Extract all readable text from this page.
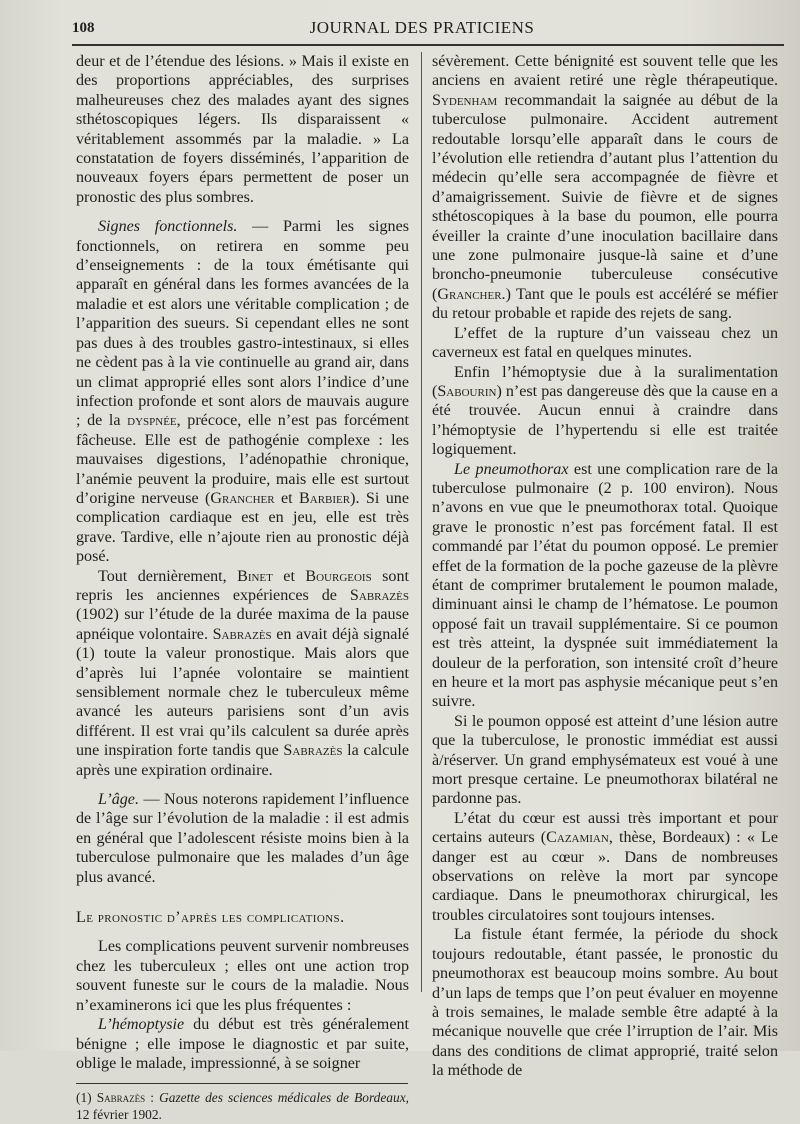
108	JOURNAL DES PRATICIENS

deur et de l’étendue des lésions. » Mais il existe en des proportions appréciables, des surprises malheureuses chez des malades ayant des signes sthétoscopiques légers. Ils disparaissent « véritablement assommés par la maladie. » La constatation de foyers disséminés, l’apparition de nouveaux foyers épars permettent de poser un pronostic des plus sombres.

Signes fonctionnels. — Parmi les signes fonctionnels, on retirera en somme peu d’enseignements : de la toux émétisante qui apparaît en général dans les formes avancées de la maladie et est alors une véritable complication ; de l’apparition des sueurs. Si cependant elles ne sont pas dues à des troubles gastro-intestinaux, si elles ne cèdent pas à la vie continuelle au grand air, dans un climat approprié elles sont alors l’indice d’une infection profonde et sont alors de mauvais augure ; de la dyspnée, précoce, elle n’est pas forcément fâcheuse. Elle est de pathogénie complexe : les mauvaises digestions, l’adénopathie chronique, l’anémie peuvent la produire, mais elle est surtout d’origine nerveuse (Grancher et Barbier). Si une complication cardiaque est en jeu, elle est très grave. Tardive, elle n’ajoute rien au pronostic déjà posé.

Tout dernièrement, Binet et Bourgeois sont repris les anciennes expériences de Sabrazès (1902) sur l’étude de la durée maxima de la pause apnéique volontaire. Sabrazès en avait déjà signalé (1) toute la valeur pronostique. Mais alors que d’après lui l’apnée volontaire se maintient sensiblement normale chez le tuberculeux même avancé les auteurs parisiens sont d’un avis différent. Il est vrai qu’ils calculent sa durée après une inspiration forte tandis que Sabrazès la calcule après une expiration ordinaire.

L’âge. — Nous noterons rapidement l’influence de l’âge sur l’évolution de la maladie : il est admis en général que l’adolescent résiste moins bien à la tuberculose pulmonaire que les malades d’un âge plus avancé.

Le pronostic d’après les complications.

Les complications peuvent survenir nombreuses chez les tuberculeux ; elles ont une action trop souvent funeste sur le cours de la maladie. Nous n’examinerons ici que les plus fréquentes :

L’hémoptysie du début est très généralement bénigne ; elle impose le diagnostic et par suite, oblige le malade, impressionné, à se soigner

(1) Sabrazès : Gazette des sciences médicales de Bordeaux, 12 février 1902.

sévèrement. Cette bénignité est souvent telle que les anciens en avaient retiré une règle thérapeutique. Sydenham recommandait la saignée au début de la tuberculose pulmonaire. Accident autrement redoutable lorsqu’elle apparaît dans le cours de l’évolution elle retiendra d’autant plus l’attention du médecin qu’elle sera accompagnée de fièvre et d’amaigrissement. Suivie de fièvre et de signes sthétoscopiques à la base du poumon, elle pourra éveiller la crainte d’une inoculation bacillaire dans une zone pulmonaire jusque-là saine et d’une broncho-pneumonie tuberculeuse consécutive (Grancher.) Tant que le pouls est accéléré se méfier du retour probable et rapide des rejets de sang.

L’effet de la rupture d’un vaisseau chez un caverneux est fatal en quelques minutes.

Enfin l’hémoptysie due à la suralimentation (Sabourin) n’est pas dangereuse dès que la cause en a été trouvée. Aucun ennui à craindre dans l’hémoptysie de l’hypertendu si elle est traitée logiquement.

Le pneumothorax est une complication rare de la tuberculose pulmonaire (2 p. 100 environ). Nous n’avons en vue que le pneumothorax total. Quoique grave le pronostic n’est pas forcément fatal. Il est commandé par l’état du poumon opposé. Le premier effet de la formation de la poche gazeuse de la plèvre étant de comprimer brutalement le poumon malade, diminuant ainsi le champ de l’hématose. Le poumon opposé fait un travail supplémentaire. Si ce poumon est très atteint, la dyspnée suit immédiatement la douleur de la perforation, son intensité croît d’heure en heure et la mort pas asphysie mécanique peut s’en suivre.

Si le poumon opposé est atteint d’une lésion autre que la tuberculose, le pronostic immédiat est aussi à/réserver. Un grand emphysémateux est voué à une mort presque certaine. Le pneumothorax bilatéral ne pardonne pas.

L’état du cœur est aussi très important et pour certains auteurs (Cazamian, thèse, Bordeaux) : « Le danger est au cœur ». Dans de nombreuses observations on relève la mort par syncope cardiaque. Dans le pneumothorax chirurgical, les troubles circulatoires sont toujours intenses.

La fistule étant fermée, la période du shock toujours redoutable, étant passée, le pronostic du pneumothorax est beaucoup moins sombre. Au bout d’un laps de temps que l’on peut évaluer en moyenne à trois semaines, le malade semble être adapté à la mécanique nouvelle que crée l’irruption de l’air. Mis dans des conditions de climat approprié, traité selon la méthode de
